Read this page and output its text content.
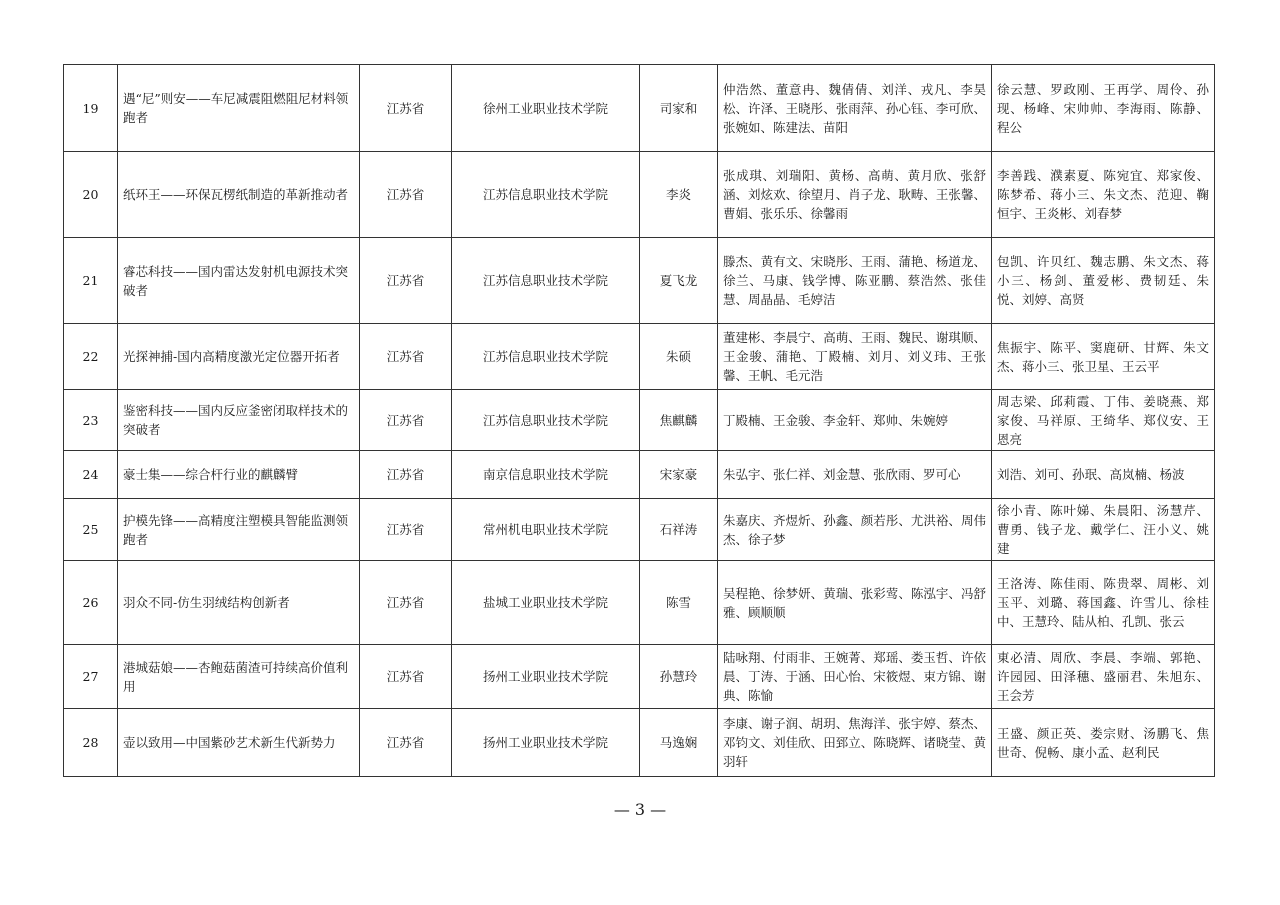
19	遇“尼”则安——车尼减震阻燃阻尼材料领跑者	江苏省	徐州工业职业技术学院	司家和	仲浩然、董意冉、魏倩倩、刘洋、戎凡、李昊松、许泽、王晓彤、张雨萍、孙心钰、李可欣、张婉如、陈建法、苗阳	徐云慧、罗政刚、王再学、周伶、孙现、杨峰、宋帅帅、李海雨、陈静、程公
20	纸环王——环保瓦楞纸制造的革新推动者	江苏省	江苏信息职业技术学院	李炎	张成琪、刘瑞阳、黄杨、高萌、黄月欣、张舒涵、刘炫欢、徐望月、肖子龙、耿畴、王张馨、曹娟、张乐乐、徐馨雨	李善践、濮素夏、陈宛宜、郑家俊、陈梦希、蒋小三、朱文杰、范迎、鞠恒宇、王炎彬、刘春梦
21	睿芯科技——国内雷达发射机电源技术突破者	江苏省	江苏信息职业技术学院	夏飞龙	滕杰、黄有文、宋晓彤、王雨、蒲艳、杨道龙、徐兰、马康、钱学博、陈亚鹏、蔡浩然、张佳慧、周晶晶、毛婷洁	包凯、许贝红、魏志鹏、朱文杰、蒋小三、杨剑、董爱彬、费韧廷、朱悦、刘婷、高贤
22	光探神捕-国内高精度激光定位器开拓者	江苏省	江苏信息职业技术学院	朱硕	董建彬、李晨宁、高萌、王雨、魏民、谢琪顺、王金骏、蒲艳、丁殿楠、刘月、刘义玮、王张馨、王帆、毛元浩	焦振宇、陈平、窦鹿研、甘辉、朱文杰、蒋小三、张卫星、王云平
23	鉴密科技——国内反应釜密闭取样技术的突破者	江苏省	江苏信息职业技术学院	焦麒麟	丁殿楠、王金骏、李金轩、郑帅、朱婉婷	周志梁、邱莉霞、丁伟、姜晓燕、郑家俊、马祥原、王绮华、郑仪安、王恩亮
24	豪士集——综合杆行业的麒麟臂	江苏省	南京信息职业技术学院	宋家豪	朱弘宇、张仁祥、刘金慧、张欣雨、罗可心	刘浩、刘可、孙珉、高岚楠、杨波
25	护模先锋——高精度注塑模具智能监测领跑者	江苏省	常州机电职业技术学院	石祥涛	朱嘉庆、齐煜炘、孙鑫、颜若彤、尤洪裕、周伟杰、徐子梦	徐小青、陈叶娣、朱晨阳、汤慧芹、曹勇、钱子龙、戴学仁、汪小义、姚建
26	羽众不同-仿生羽绒结构创新者	江苏省	盐城工业职业技术学院	陈雪	吴程艳、徐梦妍、黄瑞、张彩莺、陈泓宇、冯舒雅、顾顺顺	王洛涛、陈佳雨、陈贵翠、周彬、刘玉平、刘璐、蒋国鑫、许雪儿、徐桂中、王慧玲、陆从柏、孔凯、张云
27	港城菇娘——杏鲍菇菌渣可持续高价值利用	江苏省	扬州工业职业技术学院	孙慧玲	陆咏翔、付雨非、王婉菁、郑瑶、娄玉哲、许依晨、丁涛、于涵、田心怡、宋筱煜、束方锦、谢典、陈愉	東必清、周欣、李晨、李端、郭艳、许园园、田泽穗、盛丽君、朱旭东、王会芳
28	壶以致用—中国紫砂艺术新生代新势力	江苏省	扬州工业职业技术学院	马逸娴	李康、谢子润、胡玥、焦海洋、张宇婷、蔡杰、邓钧文、刘佳欣、田郅立、陈晓辉、诸晓莹、黄羽轩	王盛、颜正英、娄宗财、汤鹏飞、焦世奇、倪畅、康小孟、赵利民
— 3 —
